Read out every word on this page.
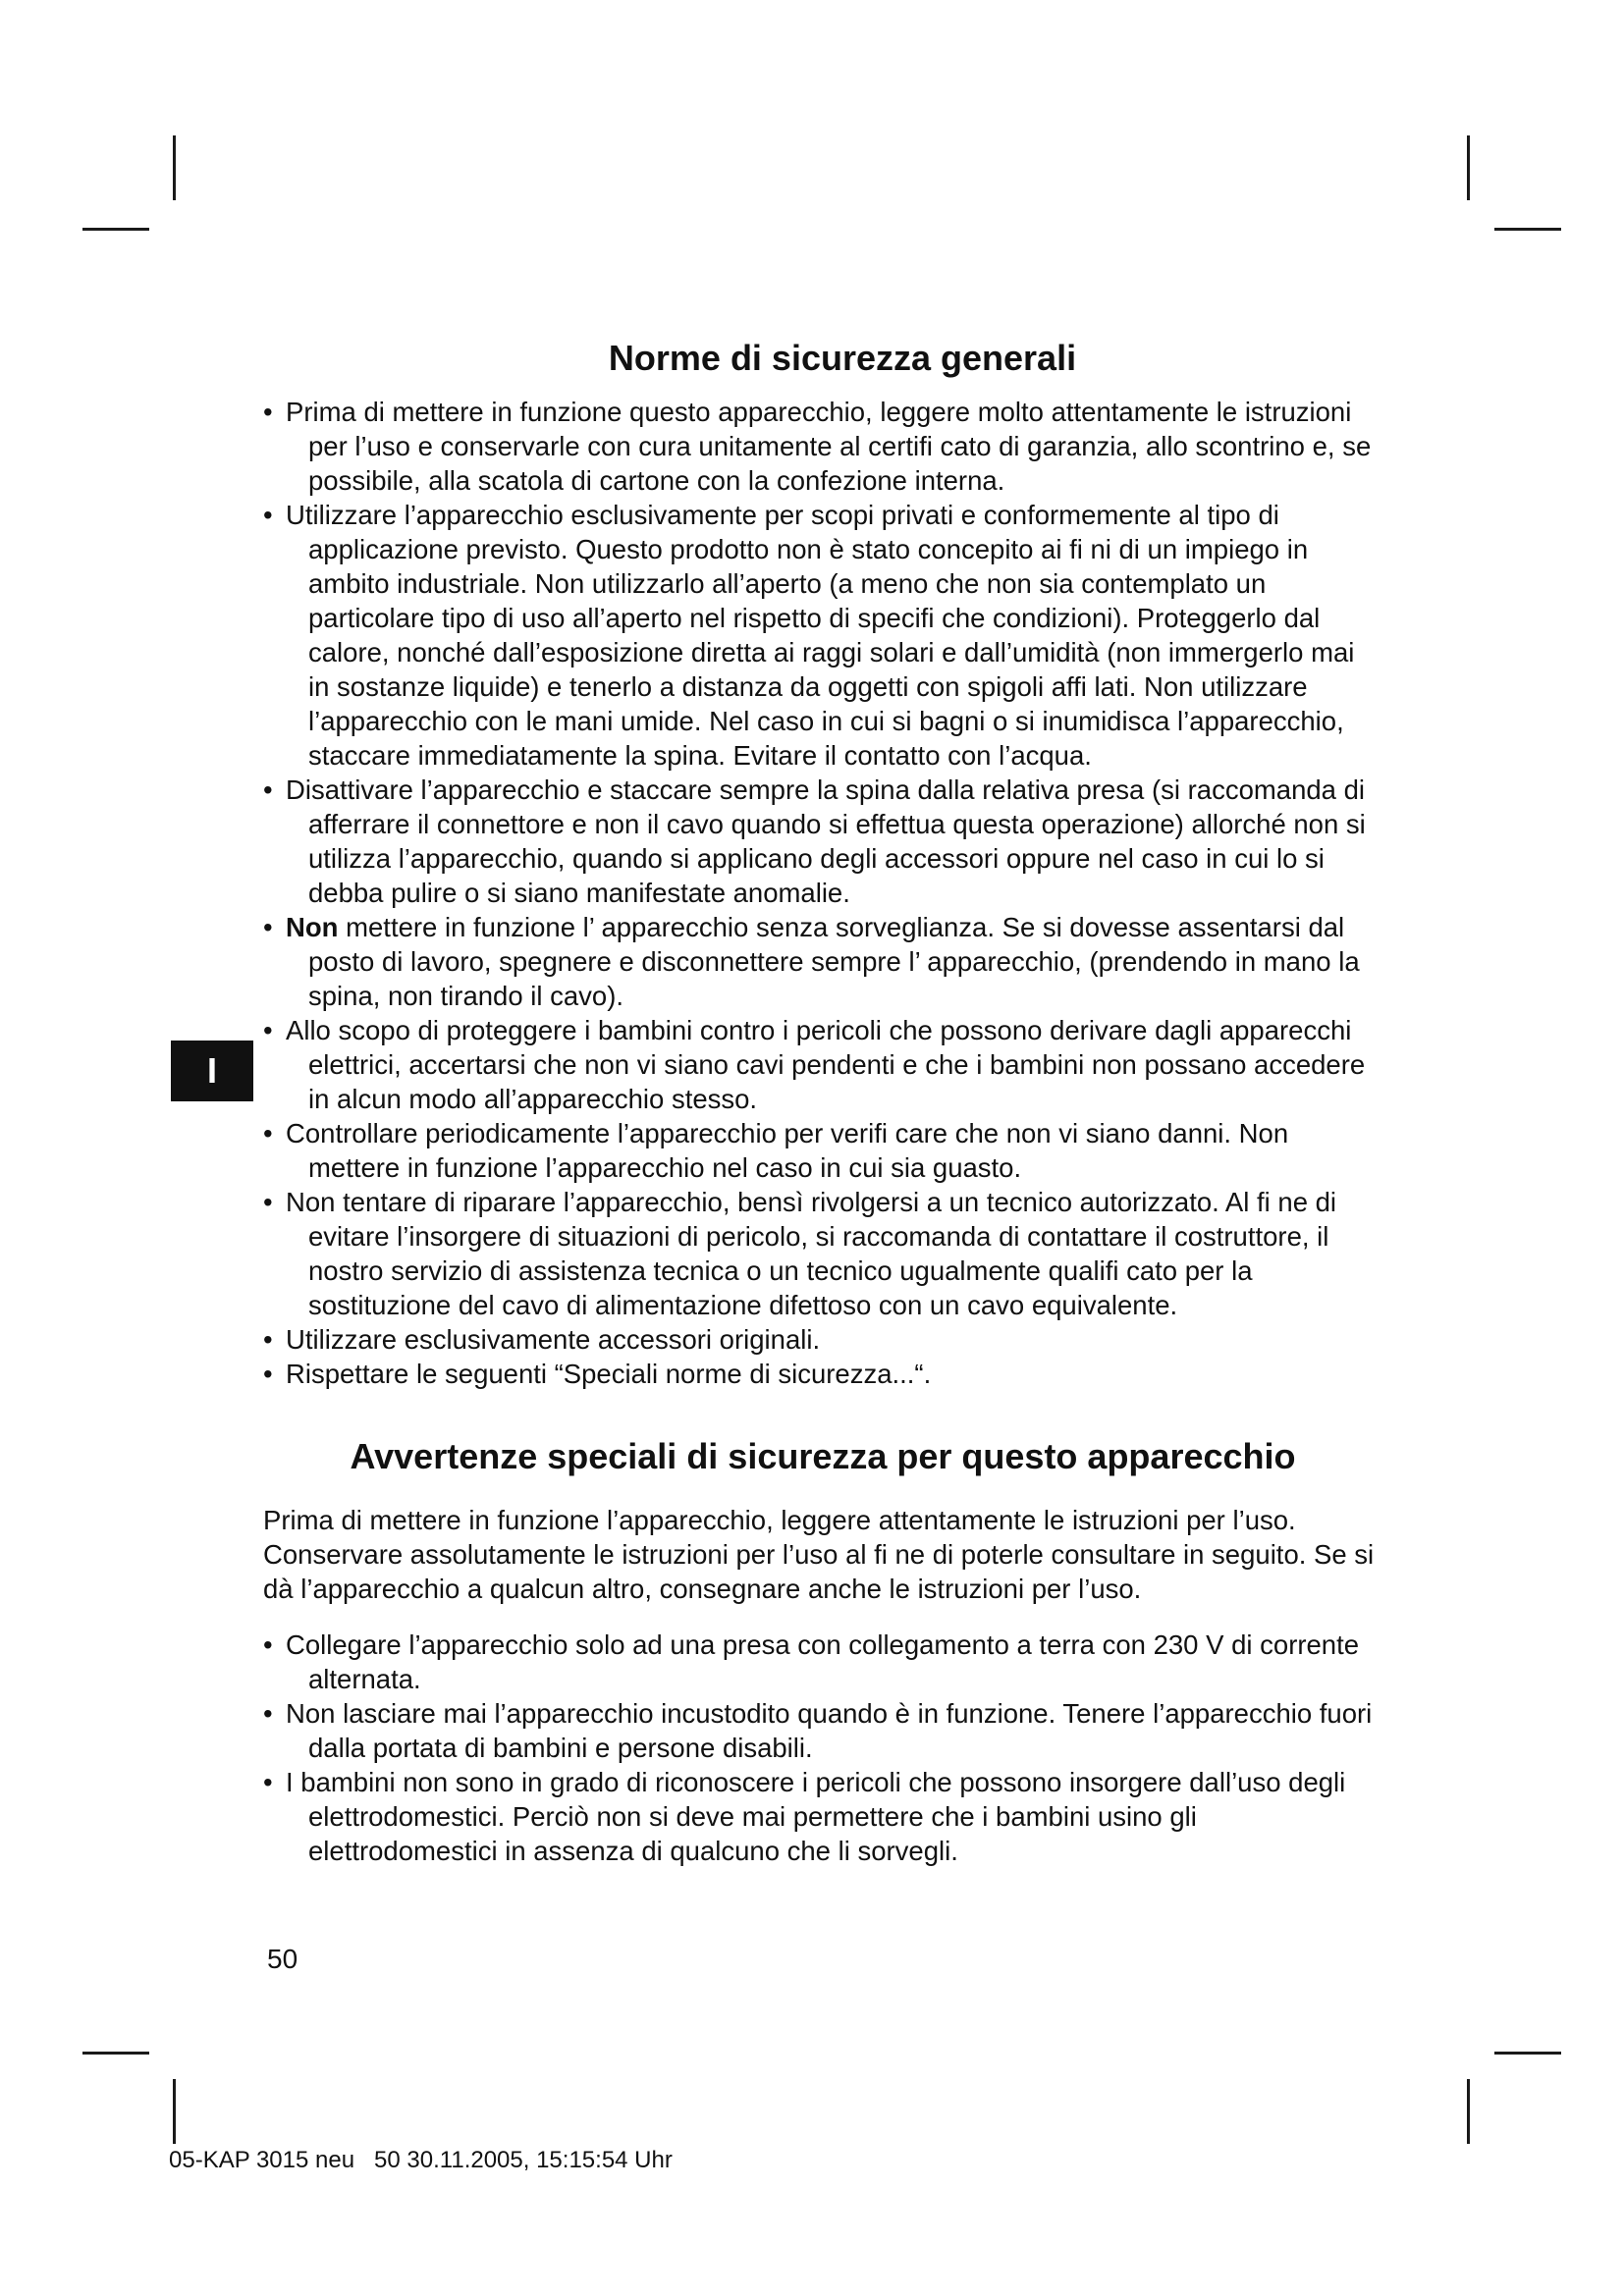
I
Norme di sicurezza generali
• Prima di mettere in funzione questo apparecchio, leggere molto attentamente le istruzioni per l’uso e conservarle con cura unitamente al certifi cato di garanzia, allo scontrino e, se possibile, alla scatola di cartone con la confezione interna.
• Utilizzare l’apparecchio esclusivamente per scopi privati e conformemente al tipo di applicazione previsto. Questo prodotto non è stato concepito ai fi ni di un impiego in ambito industriale. Non utilizzarlo all’aperto (a meno che non sia contemplato un particolare tipo di uso all’aperto nel rispetto di specifi che condizioni). Proteggerlo dal calore, nonché dall’esposizione diretta ai raggi solari e dall’umidità (non immergerlo mai in sostanze liquide) e tenerlo a distanza da oggetti con spigoli affi lati. Non utilizzare l’apparecchio con le mani umide. Nel caso in cui si bagni o si inumidisca l’apparecchio, staccare immediatamente la spina. Evitare il contatto con l’acqua.
• Disattivare l’apparecchio e staccare sempre la spina dalla relativa presa (si raccomanda di afferrare il connettore e non il cavo quando si effettua questa operazione) allorché non si utilizza l’apparecchio, quando si applicano degli accessori oppure nel caso in cui lo si debba pulire o si siano manifestate anomalie.
• Non mettere in funzione l’ apparecchio senza sorveglianza. Se si dovesse assentarsi dal posto di lavoro, spegnere e disconnettere sempre l’ apparecchio, (prendendo in mano la spina, non tirando il cavo).
• Allo scopo di proteggere i bambini contro i pericoli che possono derivare dagli apparecchi elettrici, accertarsi che non vi siano cavi pendenti e che i bambini non possano accedere in alcun modo all’apparecchio stesso.
• Controllare periodicamente l’apparecchio per verifi care che non vi siano danni. Non mettere in funzione l’apparecchio nel caso in cui sia guasto.
• Non tentare di riparare l’apparecchio, bensì rivolgersi a un tecnico autorizzato. Al fi ne di evitare l’insorgere di situazioni di pericolo, si raccomanda di contattare il costruttore, il nostro servizio di assistenza tecnica o un tecnico ugualmente qualifi cato per la sostituzione del cavo di alimentazione difettoso con un cavo equivalente.
• Utilizzare esclusivamente accessori originali.
• Rispettare le seguenti “Speciali norme di sicurezza...“.
Avvertenze speciali di sicurezza per questo apparecchio

Prima di mettere in funzione l’apparecchio, leggere attentamente le istruzioni per l’uso. Conservare assolutamente le istruzioni per l’uso al fi ne di poterle consultare in seguito. Se si dà l’apparecchio a qualcun altro, consegnare anche le istruzioni per l’uso.

• Collegare l’apparecchio solo ad una presa con collegamento a terra con 230 V di corrente alternata.
• Non lasciare mai l’apparecchio incustodito quando è in funzione. Tenere l’apparecchio fuori dalla portata di bambini e persone disabili.
• I bambini non sono in grado di riconoscere i pericoli che possono insorgere dall’uso degli elettrodomestici. Perciò non si deve mai permettere che i bambini usino gli elettrodomestici in assenza di qualcuno che li sorvegli.
50
05-KAP 3015 neu   50 30.11.2005, 15:15:54 Uhr
